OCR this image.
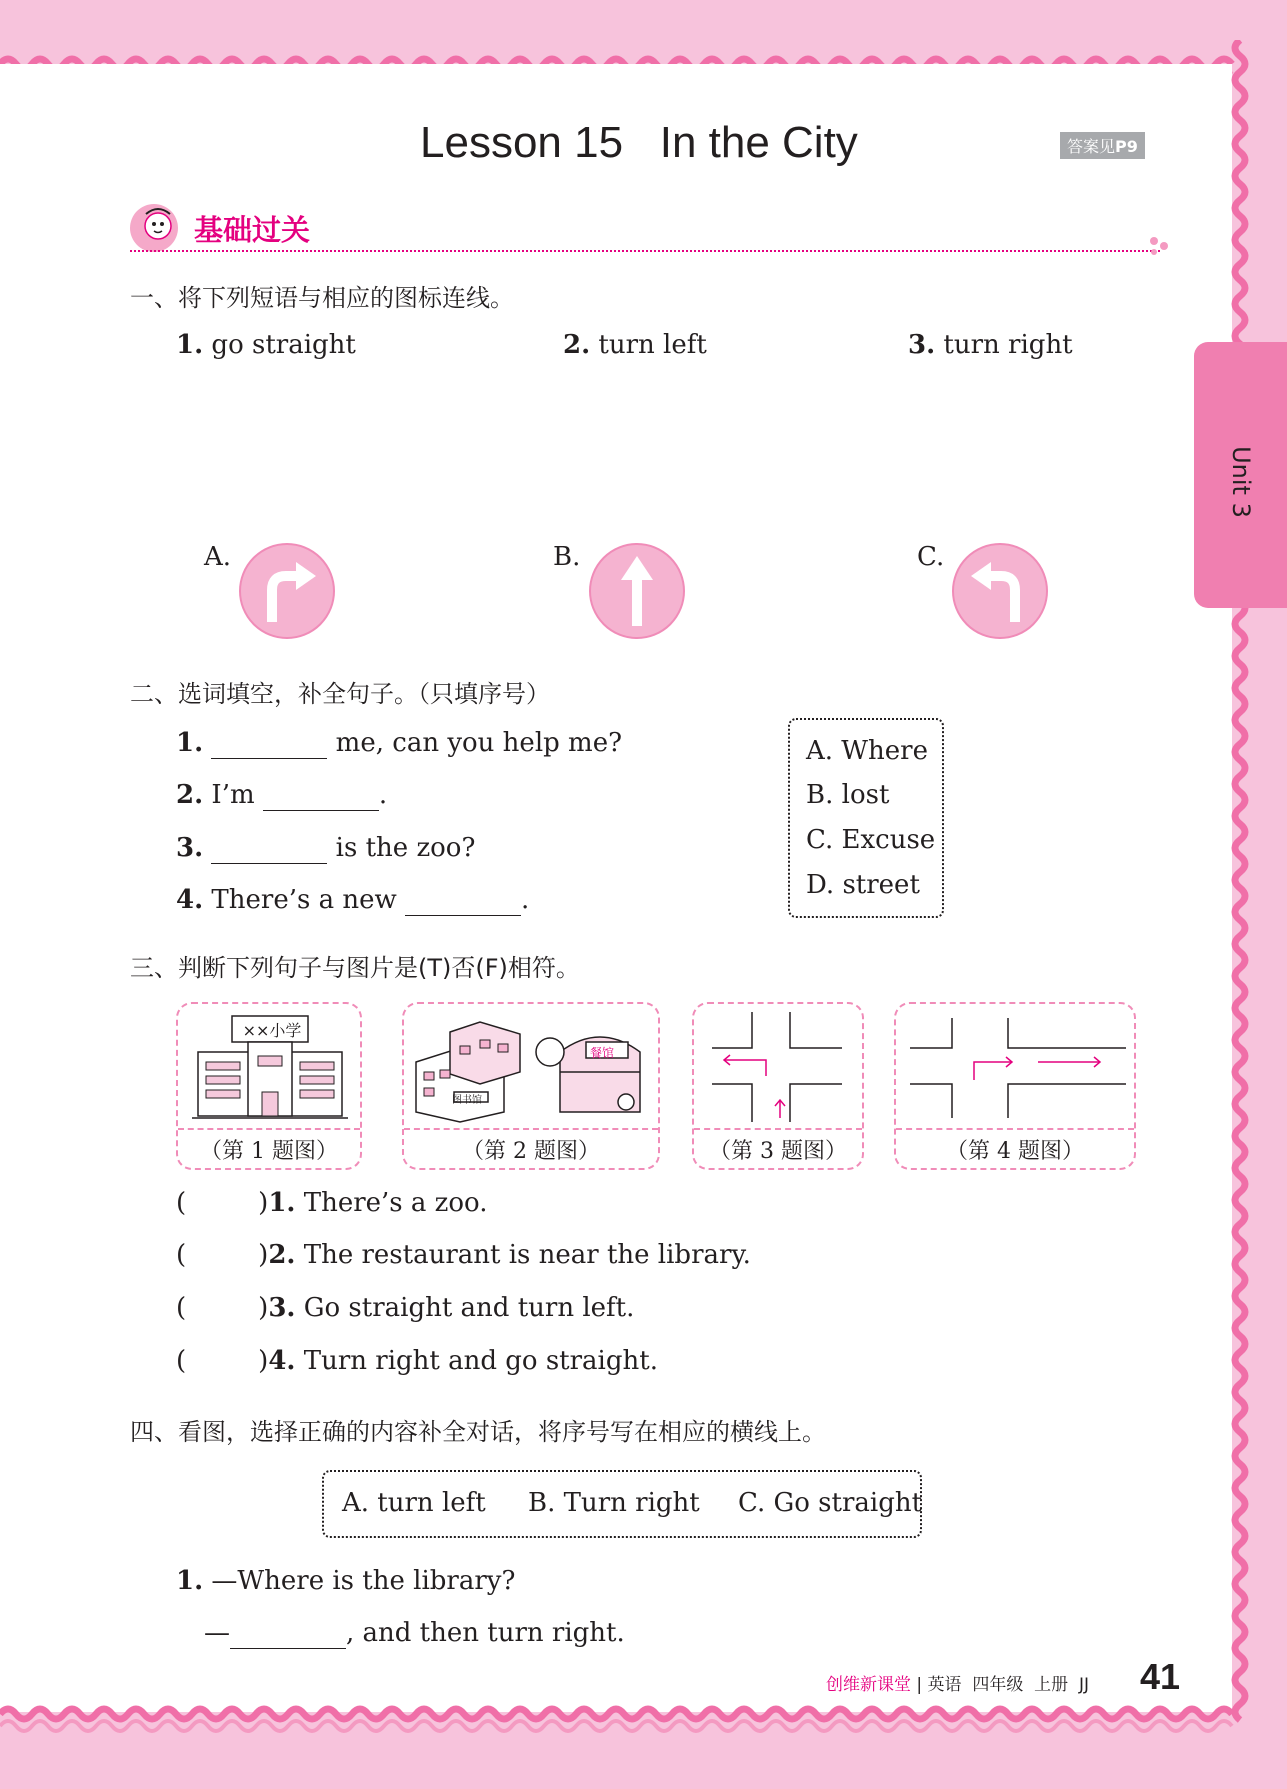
Unit 3
Lesson 15   In the City	答案见P9
基础过关
一、将下列短语与相应的图标连线。
1. go straight	2. turn left	3. turn right
A.	B.	C.
二、选词填空，补全句子。（只填序号）
1.	me, can you help me?
2. I’m	.
3.	is the zoo?
4. There’s a new	.
A. Where
B. lost
C. Excuse
D. street
三、判断下列句子与图片是(T)否(F)相符。
××小学
（第 1 题图）
图书馆
餐馆
（第 2 题图）	（第 3 题图）	（第 4 题图）
(	)1. There’s a zoo.
(	)2. The restaurant is near the library.
(	)3. Go straight and turn left.
(	)4. Turn right and go straight.
四、看图，选择正确的内容补全对话，将序号写在相应的横线上。
A. turn left B. Turn right C. Go straight
1. —Where is the library?
—	, and then turn right.
创维新课堂 | 英语 四年级 上册 JJ 41
